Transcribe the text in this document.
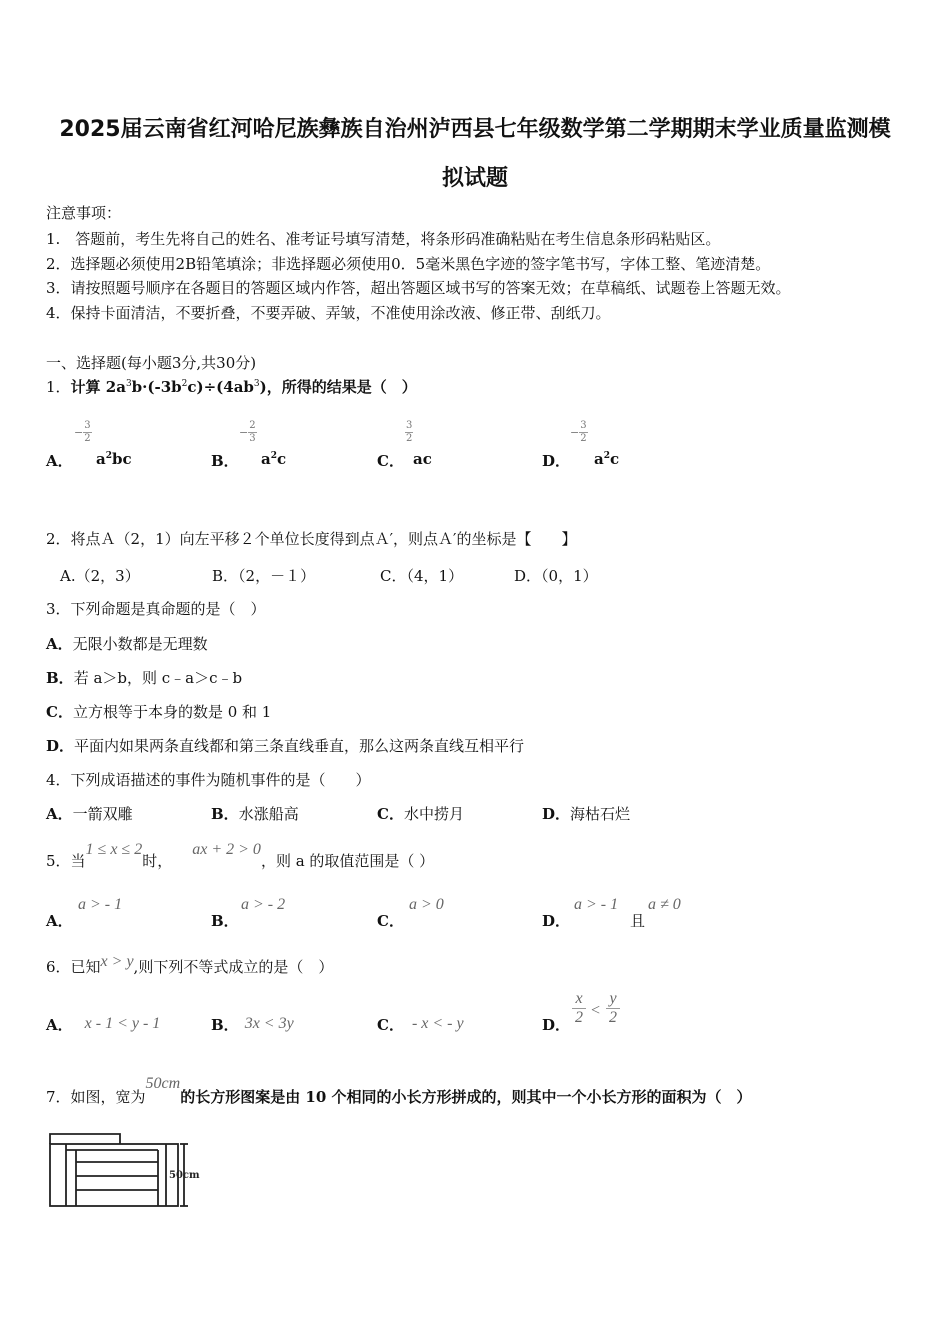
2025届云南省红河哈尼族彝族自治州泸西县七年级数学第二学期期末学业质量监测模
拟试题
注意事项：
1.　答题前，考生先将自己的姓名、准考证号填写清楚，将条形码准确粘贴在考生信息条形码粘贴区。
2．选择题必须使用2B铅笔填涂；非选择题必须使用0．5毫米黑色字迹的签字笔书写，字体工整、笔迹清楚。
3．请按照题号顺序在各题目的答题区域内作答，超出答题区域书写的答案无效；在草稿纸、试题卷上答题无效。
4．保持卡面清洁，不要折叠，不要弄破、弄皱，不准使用涂改液、修正带、刮纸刀。
一、选择题(每小题3分,共30分)
1．计算 $2a^3b\cdot(-3b^2c)\div(4ab^3)$，所得的结果是（　）
− $\frac{3}{2}$
A． $a^2bc$
− $\frac{2}{3}$
B． $a^2c$
$\frac{3}{2}$
C． ac
− $\frac{3}{2}$
D． $a^2c$
2．将点Ａ（2，1）向左平移２个单位长度得到点Ａ′，则点Ａ′的坐标是【　　】
A.（2，3）	B．（2，－１）	C．（4，1）	D．（0，1）
3．下列命题是真命题的是（　）
A．无限小数都是无理数
B．若 a＞b，则 c﹣a＞c﹣b
C．立方根等于本身的数是 0 和 1
D．平面内如果两条直线都和第三条直线垂直，那么这两条直线互相平行
4．下列成语描述的事件为随机事件的是（　　）
A．一箭双雕	B．水涨船高	C．水中捞月	D．海枯石烂
5．当1 ≤ x ≤ 2时，ax + 2 > 0，则 a 的取值范围是（ ）
A．
a > - 1
B．
a > - 2
C．
a > 0
D．
a > - 1
且
a ≠ 0
6．已知x > y,则下列不等式成立的是（　）
A． x - 1 < y - 1	B． 3x < 3y	C． - x < - y	D．
x
2 <
y
2
7．如图，宽为50cm的长方形图案是由 10 个相同的小长方形拼成的，则其中一个小长方形的面积为（　）
50cm
